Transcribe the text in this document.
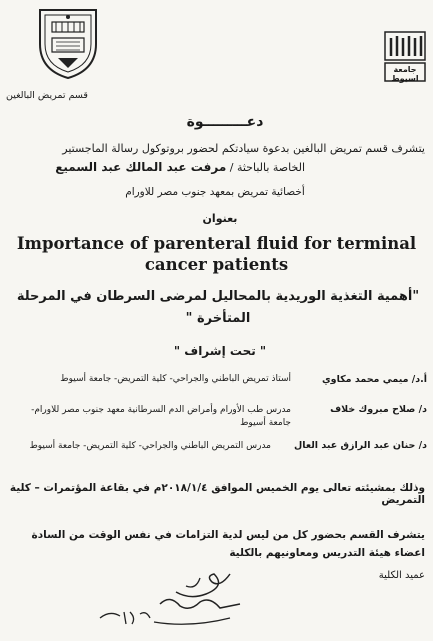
جامعة اسيوط
قسم تمريض البالغين
دعـــــــــوة
يتشرف قسم تمريض البالغين بدعوة سيادتكم لحضور بروتوكول رسالة الماجستير
الخاصة بالباحثة / مرفت عبد المالك عبد السميع
أخصائية تمريض بمعهد جنوب مصر للاورام
بعنوان
Importance of parenteral fluid for terminal cancer patients
"أهمية التغذية الوريدية بالمحاليل لمرضى السرطان في المرحلة المتأخرة "
" تحت إشراف "
أ.د/ ميمي محمد مكاوي
أستاذ تمريض الباطني والجراحي- كلية التمريض- جامعة أسيوط
د/ صلاح مبروك خلاف
مدرس طب الأورام وأمراض الدم السرطانية معهد جنوب مصر للاورام- جامعة أسيوط
د/ حنان عبد الرازق عبد العال
مدرس التمريض الباطني والجراحي- كلية التمريض- جامعة أسيوط
وذلك بمشيئته تعالى يوم الخميس الموافق ٢٠١٨/١/٤م في بقاعة المؤتمرات – كلية التمريض
يتشرف القسم بحضور كل من ليس لدية التزامات في نفس الوقت من السادة اعضاء هيئة التدريس ومعاونيهم بالكلية
عميد الكلية
